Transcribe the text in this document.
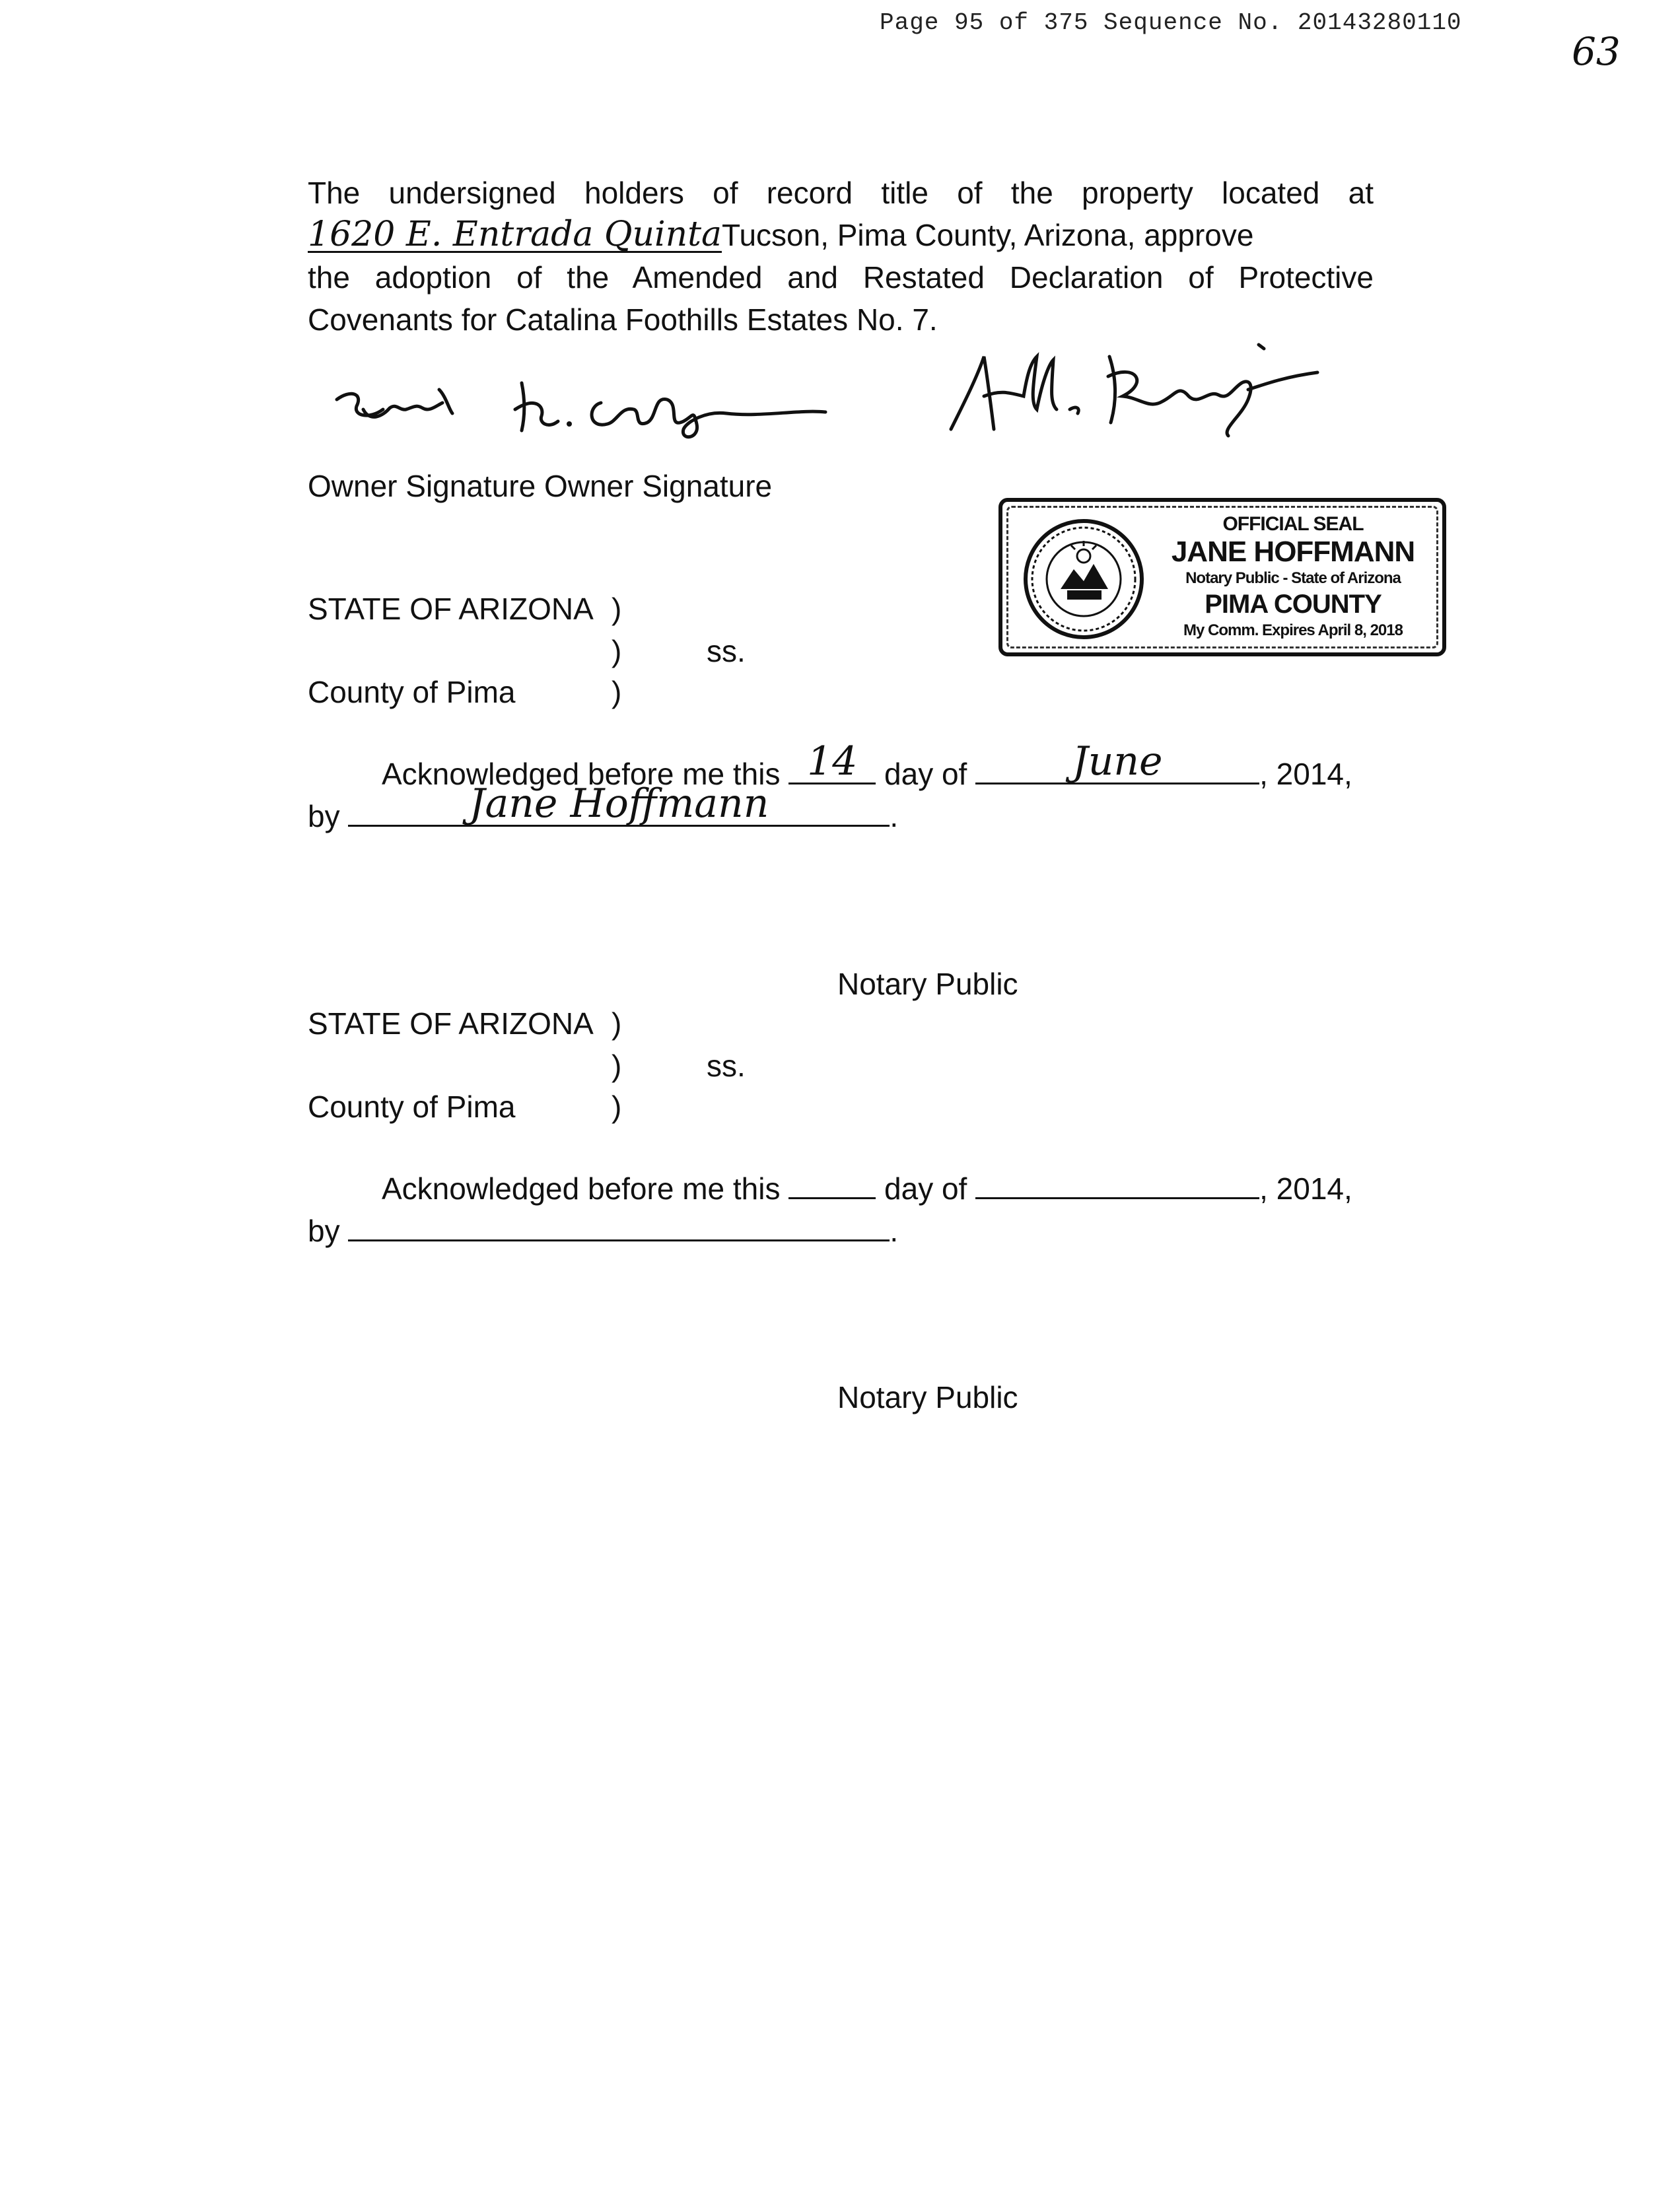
Page 95 of 375 Sequence No. 20143280110
63
The undersigned holders of record title of the property located at
1620 E. Entrada QuintaTucson, Pima County, Arizona, approve
the adoption of the Amended and Restated Declaration of Protective
Covenants for Catalina Foothills Estates No. 7.
Owner Signature Owner Signature
OFFICIAL SEAL
JANE HOFFMANN
Notary Public - State of Arizona
PIMA COUNTY
My Comm. Expires April 8, 2018
STATE OF ARIZONA )
)	ss.
County of Pima	)
Acknowledged before me this 14 day of	June	, 2014,
by	Jane Hoffmann	.
Notary Public
STATE OF ARIZONA )
)	ss.
County of Pima	)
Acknowledged before me this	day of	, 2014,
by	.
Notary Public
